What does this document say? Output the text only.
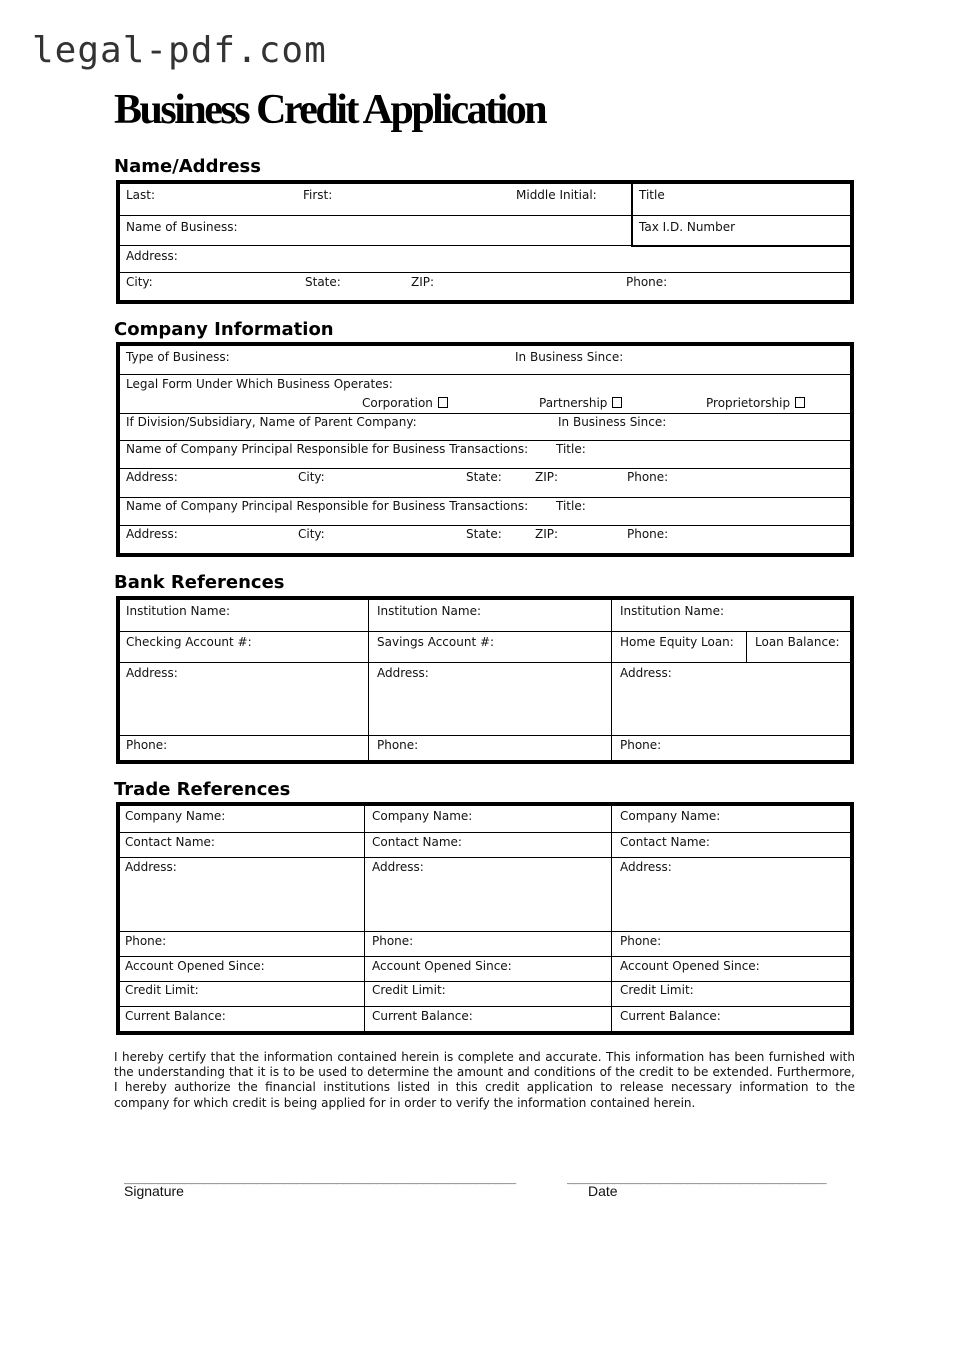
legal-pdf.com
Business Credit Application
Name/Address
Last:	First:	Middle Initial:	Title
Name of Business:	Tax I.D. Number
Address:
City:	State:	ZIP:	Phone:
Company Information
Type of Business:	In Business Since:
Legal Form Under Which Business Operates:
Corporation	Partnership	Proprietorship
If Division/Subsidiary, Name of Parent Company:	In Business Since:
Name of Company Principal Responsible for Business Transactions: Title:
Address:	City:	State:	ZIP:	Phone:
Name of Company Principal Responsible for Business Transactions: Title:
Address:	City:	State:	ZIP:	Phone:
Bank References
Institution Name:	Institution Name:	Institution Name:
Checking Account #:	Savings Account #:	Home Equity Loan: Loan Balance:
Address:	Address:	Address:
Phone:	Phone:	Phone:
Trade References
Company Name:	Company Name:	Company Name:
Contact Name:	Contact Name:	Contact Name:
Address:	Address:	Address:
Phone:	Phone:	Phone:
Account Opened Since:	Account Opened Since:	Account Opened Since:
Credit Limit:	Credit Limit:	Credit Limit:
Current Balance:	Current Balance:	Current Balance:

I hereby certify that the information contained herein is complete and accurate. This information has been furnished with the understanding that it is to be used to determine the amount and conditions of the credit to be extended. Furthermore, I hereby authorize the financial institutions listed in this credit application to release necessary information to the company for which credit is being applied for in order to verify the information contained herein.

___________________________________________________________	_______________________________________
Signature	Date
